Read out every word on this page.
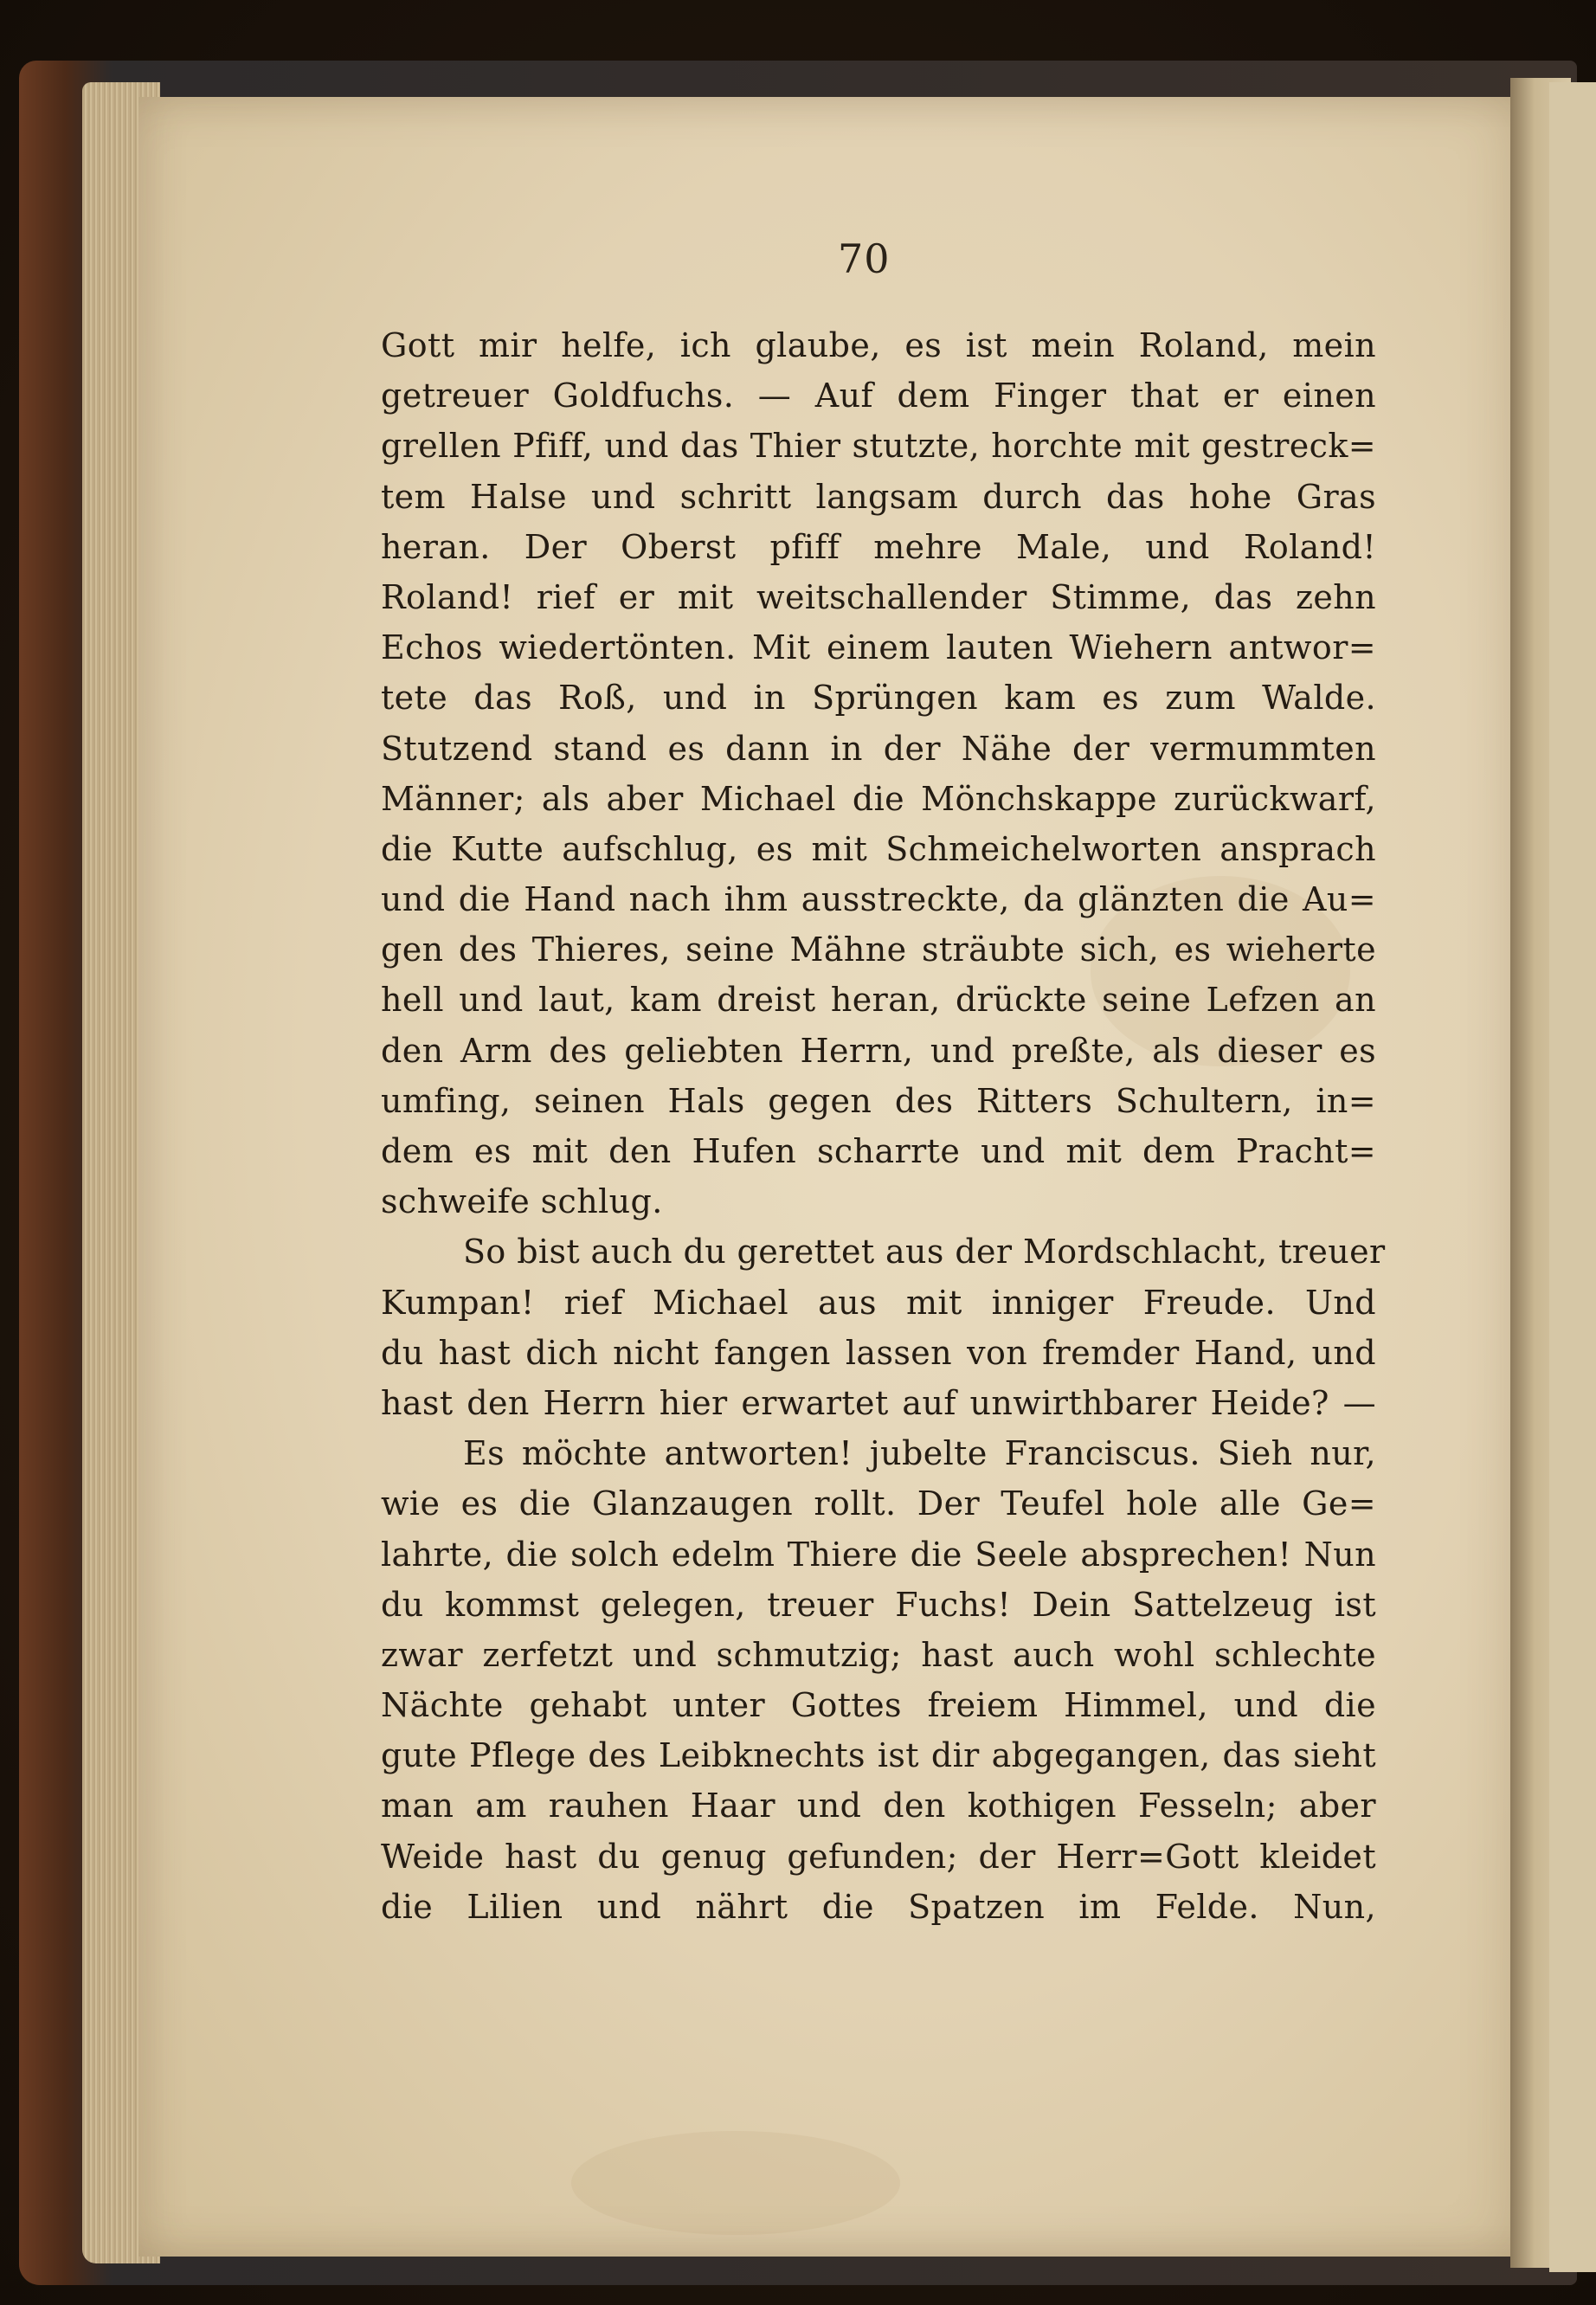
70
Gott mir helfe, ich glaube, es ist mein Roland, mein
getreuer Goldfuchs. — Auf dem Finger that er einen
grellen Pfiff, und das Thier stutzte, horchte mit gestreck=
tem Halse und schritt langsam durch das hohe Gras
heran. Der Oberst pfiff mehre Male, und Roland!
Roland! rief er mit weitschallender Stimme, das zehn
Echos wiedertönten. Mit einem lauten Wiehern antwor=
tete das Roß, und in Sprüngen kam es zum Walde.
Stutzend stand es dann in der Nähe der vermummten
Männer; als aber Michael die Mönchskappe zurückwarf,
die Kutte aufschlug, es mit Schmeichelworten ansprach
und die Hand nach ihm ausstreckte, da glänzten die Au=
gen des Thieres, seine Mähne sträubte sich, es wieherte
hell und laut, kam dreist heran, drückte seine Lefzen an
den Arm des geliebten Herrn, und preßte, als dieser es
umfing, seinen Hals gegen des Ritters Schultern, in=
dem es mit den Hufen scharrte und mit dem Pracht=
schweife schlug.
So bist auch du gerettet aus der Mordschlacht, treuer
Kumpan! rief Michael aus mit inniger Freude. Und
du hast dich nicht fangen lassen von fremder Hand, und
hast den Herrn hier erwartet auf unwirthbarer Heide? —
Es möchte antworten! jubelte Franciscus. Sieh nur,
wie es die Glanzaugen rollt. Der Teufel hole alle Ge=
lahrte, die solch edelm Thiere die Seele absprechen! Nun
du kommst gelegen, treuer Fuchs! Dein Sattelzeug ist
zwar zerfetzt und schmutzig; hast auch wohl schlechte
Nächte gehabt unter Gottes freiem Himmel, und die
gute Pflege des Leibknechts ist dir abgegangen, das sieht
man am rauhen Haar und den kothigen Fesseln; aber
Weide hast du genug gefunden; der Herr=Gott kleidet
die Lilien und nährt die Spatzen im Felde. Nun,
